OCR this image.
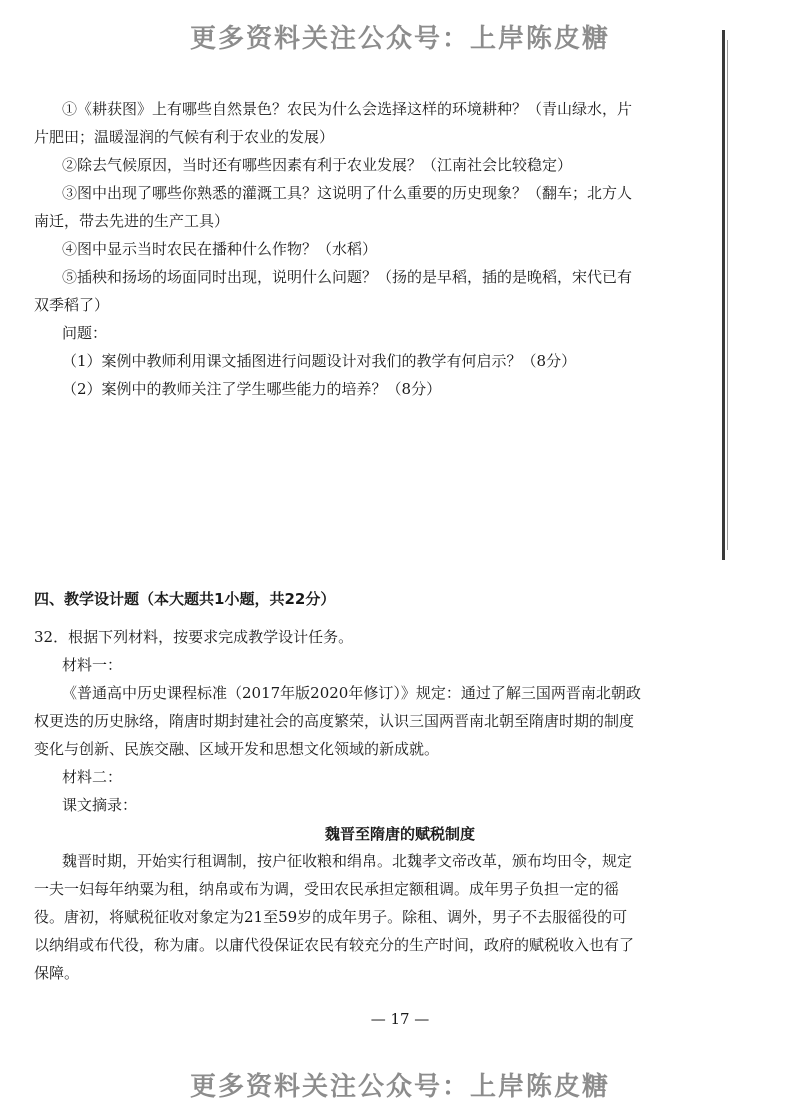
更多资料关注公众号：上岸陈皮糖
①《耕获图》上有哪些自然景色？农民为什么会选择这样的环境耕种？（青山绿水，片
片肥田；温暖湿润的气候有利于农业的发展）
②除去气候原因，当时还有哪些因素有利于农业发展？（江南社会比较稳定）
③图中出现了哪些你熟悉的灌溉工具？这说明了什么重要的历史现象？（翻车；北方人
南迁，带去先进的生产工具）
④图中显示当时农民在播种什么作物？（水稻）
⑤插秧和扬场的场面同时出现，说明什么问题？（扬的是早稻，插的是晚稻，宋代已有
双季稻了）
问题：
（1）案例中教师利用课文插图进行问题设计对我们的教学有何启示？（8分）
（2）案例中的教师关注了学生哪些能力的培养？（8分）
四、教学设计题（本大题共1小题，共22分）
32．根据下列材料，按要求完成教学设计任务。
材料一：
《普通高中历史课程标准（2017年版2020年修订）》规定：通过了解三国两晋南北朝政
权更迭的历史脉络，隋唐时期封建社会的高度繁荣，认识三国两晋南北朝至隋唐时期的制度
变化与创新、民族交融、区域开发和思想文化领域的新成就。
材料二：
课文摘录：
魏晋至隋唐的赋税制度
魏晋时期，开始实行租调制，按户征收粮和绢帛。北魏孝文帝改革，颁布均田令，规定
一夫一妇每年纳粟为租，纳帛或布为调，受田农民承担定额租调。成年男子负担一定的徭
役。唐初，将赋税征收对象定为21至59岁的成年男子。除租、调外，男子不去服徭役的可
以纳绢或布代役，称为庸。以庸代役保证农民有较充分的生产时间，政府的赋税收入也有了
保障。
— 17 —
更多资料关注公众号：上岸陈皮糖
